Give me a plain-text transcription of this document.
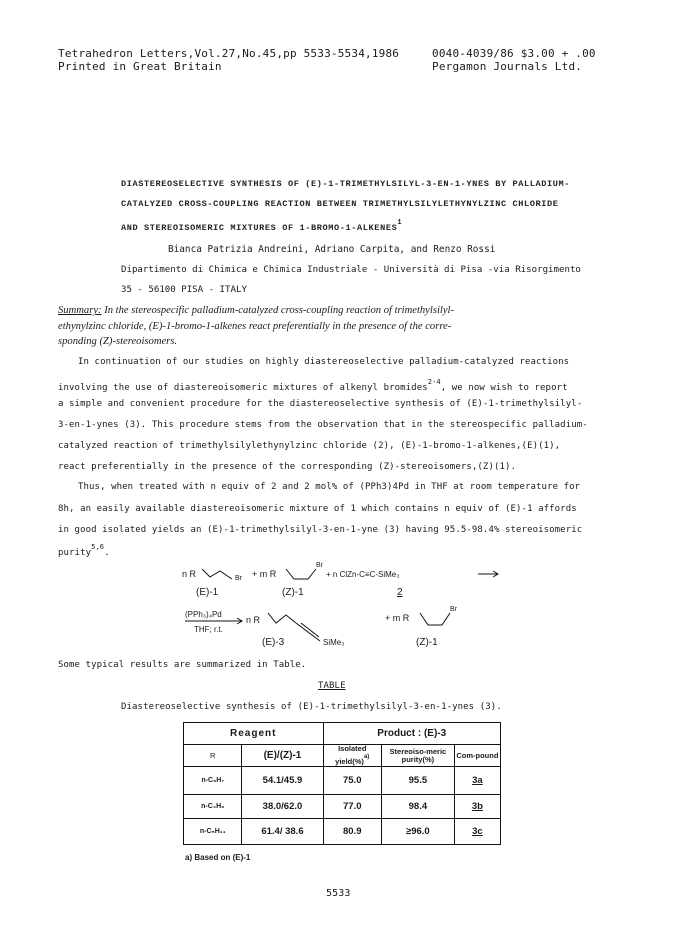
Tetrahedron Letters,Vol.27,No.45,pp 5533-5534,1986
Printed in Great Britain
0040-4039/86 $3.00 + .00
Pergamon Journals Ltd.
DIASTEREOSELECTIVE SYNTHESIS OF (E)-1-TRIMETHYLSILYL-3-EN-1-YNES BY PALLADIUM-
CATALYZED CROSS-COUPLING REACTION BETWEEN TRIMETHYLSILYLETHYNYLZINC CHLORIDE
AND STEREOISOMERIC MIXTURES OF 1-BROMO-1-ALKENES$^1$
Bianca Patrizia Andreini, Adriano Carpita, and Renzo Rossi
Dipartimento di Chimica e Chimica Industriale - Università di Pisa -via Risorgimento
35 - 56100 PISA - ITALY
Summary: In the stereospecific palladium-catalyzed cross-coupling reaction of trimethylsilyl-
ethynylzinc chloride, (E)-1-bromo-1-alkenes react preferentially in the presence of the corre-
sponding (Z)-stereoisomers.
In continuation of our studies on highly diastereoselective palladium-catalyzed reactions
involving the use of diastereoisomeric mixtures of alkenyl bromides$^{2-4}$, we now wish to report
a simple and convenient procedure for the diastereoselective synthesis of (E)-1-trimethylsilyl-
3-en-1-ynes (3). This procedure stems from the observation that in the stereospecific palladium-
catalyzed reaction of trimethylsilylethynylzinc chloride (2), (E)-1-bromo-1-alkenes,(E)(1),
react preferentially in the presence of the corresponding (Z)-stereoisomers,(Z)(1).
Thus, when treated with n equiv of 2 and 2 mol% of (PPh3)4Pd in THF at room temperature for
8h, an easily available diastereoisomeric mixture of 1 which contains n equiv of (E)-1 affords
in good isolated yields an (E)-1-trimethylsilyl-3-en-1-yne (3) having 95.5-98.4% stereoisomeric
purity$^{5,6}$.
n R	Br + m R
Br
+ n ClZn-C≡C-SiMe₃
(E)-1	(Z)-1	2
(PPh₃)₄Pd
THF; r.t.
n R
SiMe₃
+ m R
Br
(E)-3	(Z)-1
Some typical results are summarized in Table.
TABLE
Diastereoselective synthesis of (E)-1-trimethylsilyl-3-en-1-ynes (3).
Reagent		Product : (E)-3		
R	(E)/(Z)-1	Isolated yield(%)$^{a)}$	Stereoiso-meric purity(%)	Com-pound
n-C₃H₇	54.1/45.9	75.0	95.5	3a
n-C₄H₉	38.0/62.0	77.0	98.4	3b
n-C₅H₁₁	61.4/ 38.6	80.9	≥96.0	3c
a) Based on (E)-1
5533
